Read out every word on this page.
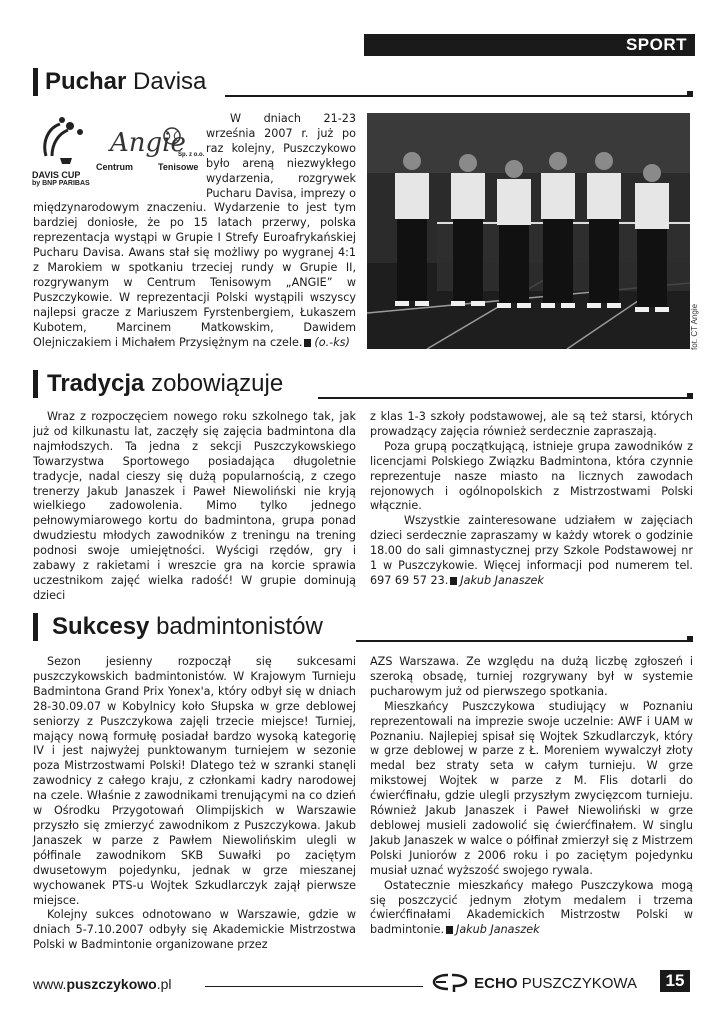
SPORT
Puchar Davisa
DAVIS CUP
by BNP PARIBAS
Angie
Sp. z o.o.
Centrum	Tenisowe

W dniach 21-23 września 2007 r. już po raz kolejny, Puszczykowo było areną niezwykłego wydarzenia, rozgrywek Pucharu Davisa, imprezy o międzynarodowym znaczeniu. Wydarzenie to jest tym bardziej doniosłe, że po 15 latach przerwy, polska reprezentacja wystąpi w Grupie I Strefy Euroafrykańskiej Pucharu Davisa. Awans stał się możliwy po wygranej 4:1 z Marokiem w spotkaniu trzeciej rundy w Grupie II, rozgrywanym w Centrum Tenisowym „ANGIE” w Puszczykowie. W reprezentacji Polski wystąpili wszyscy najlepsi gracze z Mariuszem Fyrstenbergiem, Łukaszem Kubotem, Marcinem Matkowskim, Dawidem Olejniczakiem i Michałem Przysiężnym na czele. (o.-ks)	fot. CT Angie
Tradycja zobowiązuje

Wraz z rozpoczęciem nowego roku szkolnego tak, jak już od kilkunastu lat, zaczęły się zajęcia badmintona dla najmłodszych. Ta jedna z sekcji Puszczykowskiego Towarzystwa Sportowego posiadająca długoletnie tradycje, nadal cieszy się dużą popularnością, z czego trenerzy Jakub Janaszek i Paweł Niewoliński nie kryją wielkiego zadowolenia. Mimo tylko jednego pełnowymiarowego kortu do badmintona, grupa ponad dwudziestu młodych zawodników z treningu na trening podnosi swoje umiejętności. Wyścigi rzędów, gry i zabawy z rakietami i wreszcie gra na korcie sprawia uczestnikom zajęć wielka radość! W grupie dominują dzieci

z klas 1-3 szkoły podstawowej, ale są też starsi, których prowadzący zajęcia również serdecznie zapraszają.

Poza grupą początkującą, istnieje grupa zawodników z licencjami Polskiego Związku Badmintona, która czynnie reprezentuje nasze miasto na licznych zawodach rejonowych i ogólnopolskich z Mistrzostwami Polski włącznie.

Wszystkie zainteresowane udziałem w zajęciach dzieci serdecznie zapraszamy w każdy wtorek o godzinie 18.00 do sali gimnastycznej przy Szkole Podstawowej nr 1 w Puszczykowie. Więcej informacji pod numerem tel. 697 69 57 23. Jakub Janaszek

Sukcesy badmintonistów

Sezon jesienny rozpoczął się sukcesami puszczykowskich badmintonistów. W Krajowym Turnieju Badmintona Grand Prix Yonex'a, który odbył się w dniach 28-30.09.07 w Kobylnicy koło Słupska w grze deblowej seniorzy z Puszczykowa zajęli trzecie miejsce! Turniej, mający nową formułę posiadał bardzo wysoką kategorię IV i jest najwyżej punktowanym turniejem w sezonie poza Mistrzostwami Polski! Dlatego też w szranki stanęli zawodnicy z całego kraju, z członkami kadry narodowej na czele. Właśnie z zawodnikami trenującymi na co dzień w Ośrodku Przygotowań Olimpijskich w Warszawie przyszło się zmierzyć zawodnikom z Puszczykowa. Jakub Janaszek w parze z Pawłem Niewolińskim ulegli w półfinale zawodnikom SKB Suwałki po zaciętym dwusetowym pojedynku, jednak w grze mieszanej wychowanek PTS-u Wojtek Szkudlarczyk zajął pierwsze miejsce.

Kolejny sukces odnotowano w Warszawie, gdzie w dniach 5-7.10.2007 odbyły się Akademickie Mistrzostwa Polski w Badmintonie organizowane przez

AZS Warszawa. Ze względu na dużą liczbę zgłoszeń i szeroką obsadę, turniej rozgrywany był w systemie pucharowym już od pierwszego spotkania.

Mieszkańcy Puszczykowa studiujący w Poznaniu reprezentowali na imprezie swoje uczelnie: AWF i UAM w Poznaniu. Najlepiej spisał się Wojtek Szkudlarczyk, który w grze deblowej w parze z Ł. Moreniem wywalczył złoty medal bez straty seta w całym turnieju. W grze mikstowej Wojtek w parze z M. Flis dotarli do ćwierćfinału, gdzie ulegli przyszłym zwycięzcom turnieju. Również Jakub Janaszek i Paweł Niewoliński w grze deblowej musieli zadowolić się ćwierćfinałem. W singlu Jakub Janaszek w walce o półfinał zmierzył się z Mistrzem Polski Juniorów z 2006 roku i po zaciętym pojedynku musiał uznać wyższość swojego rywala.

Ostatecznie mieszkańcy małego Puszczykowa mogą się poszczycić jednym złotym medalem i trzema ćwierćfinałami Akademickich Mistrzostw Polski w badmintonie. Jakub Janaszek

www.puszczykowo.pl	ECHO PUSZCZYKOWA	15
